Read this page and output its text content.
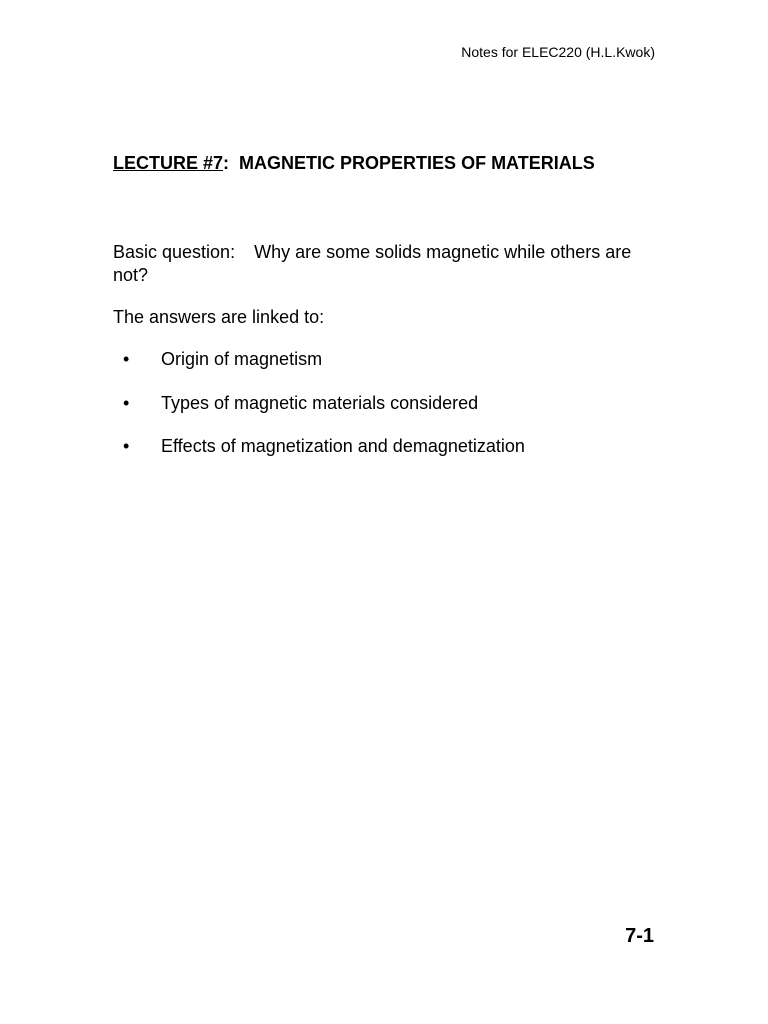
Notes for ELEC220 (H.L.Kwok)
LECTURE #7: MAGNETIC PROPERTIES OF MATERIALS
Basic question: Why are some solids magnetic while others are not?
The answers are linked to:
• Origin of magnetism
• Types of magnetic materials considered
• Effects of magnetization and demagnetization
7-1
